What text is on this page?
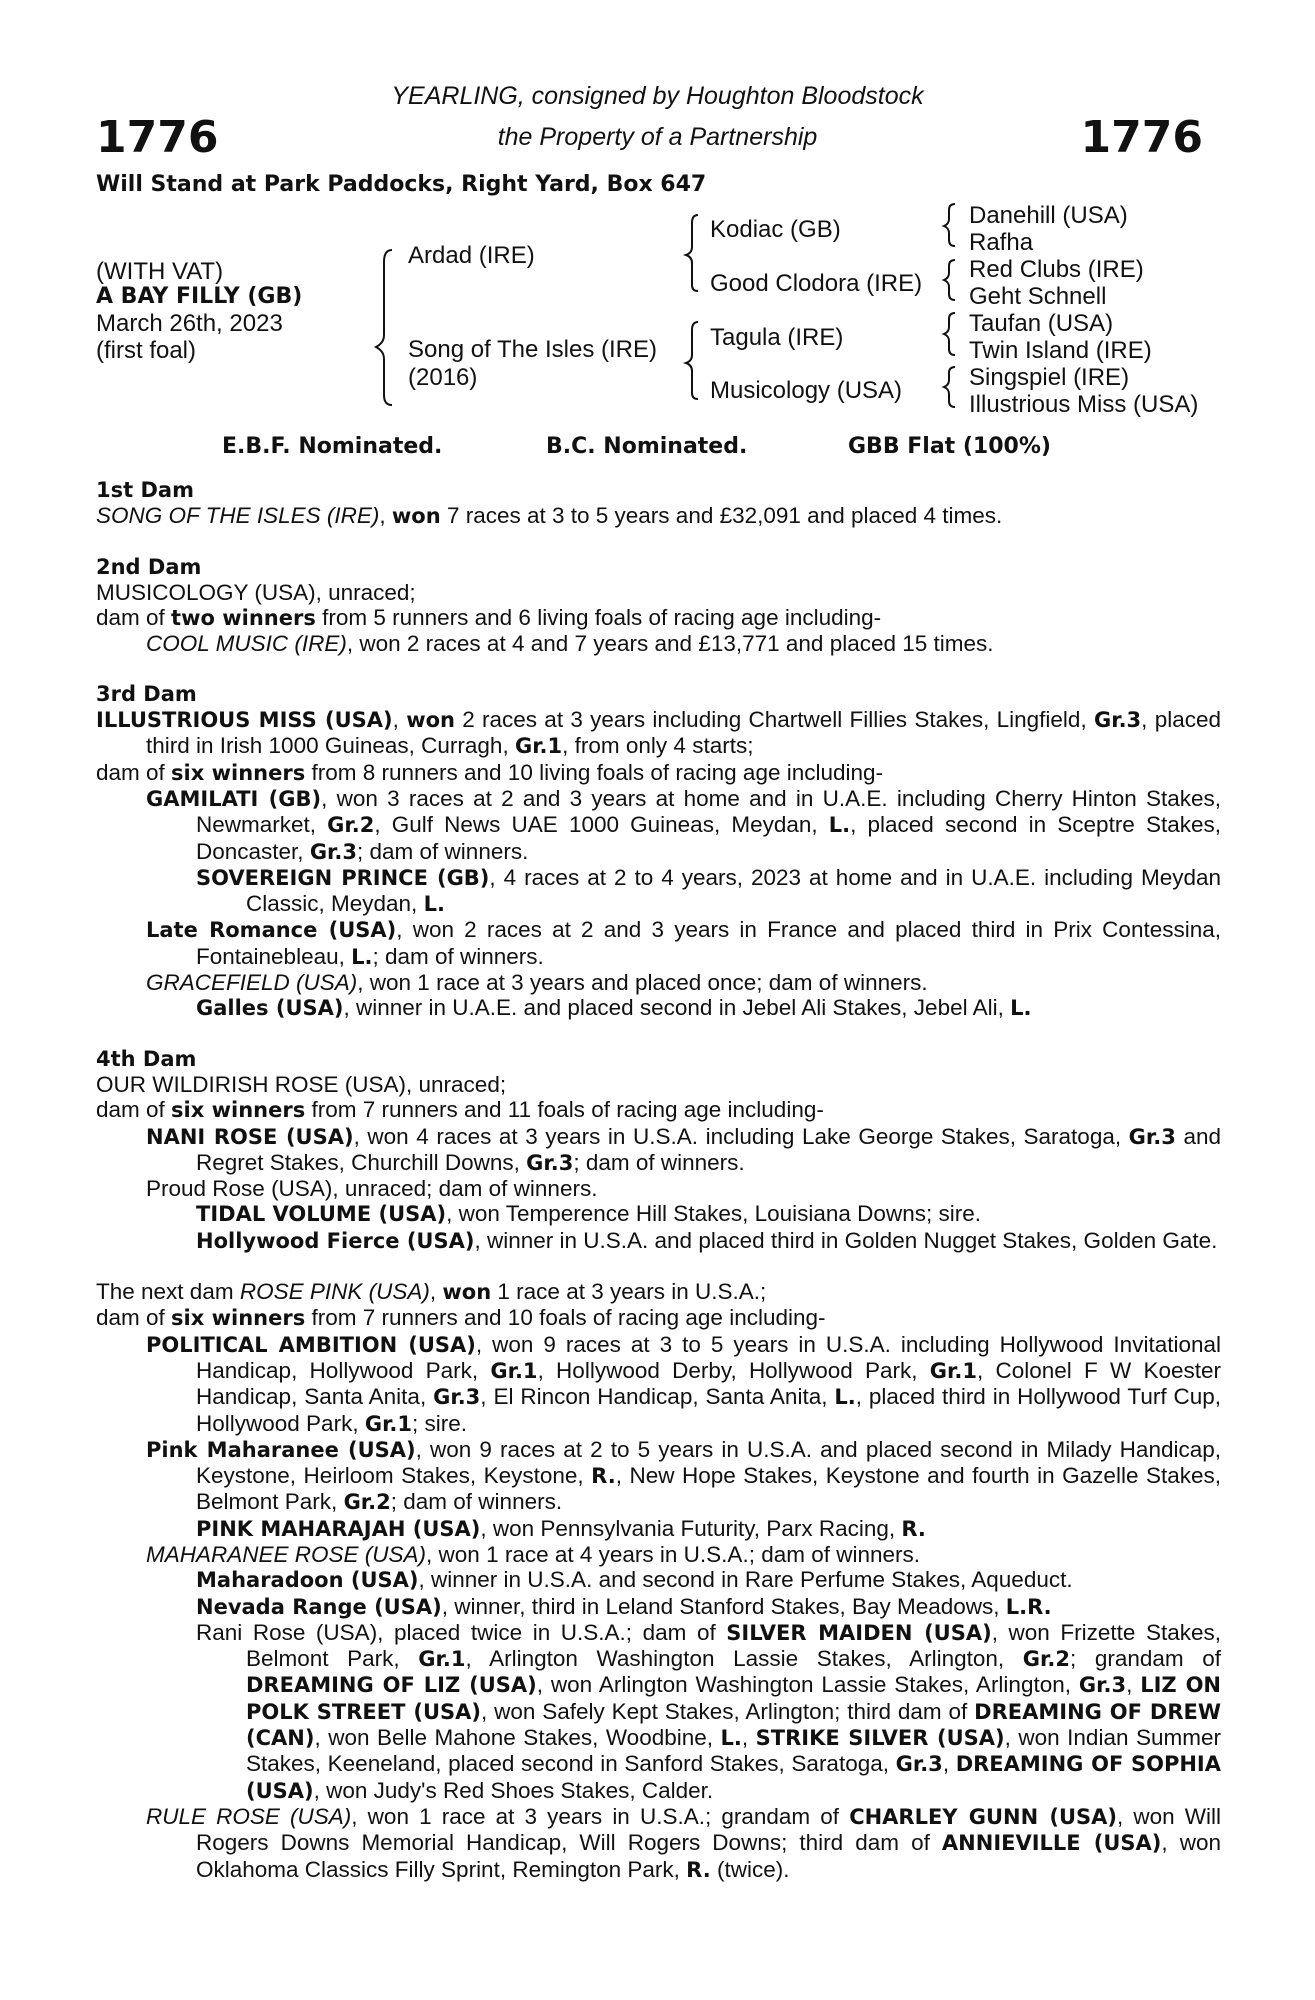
1776	1776
YEARLING, consigned by Houghton Bloodstock
the Property of a Partnership
Will Stand at Park Paddocks, Right Yard, Box 647
(WITH VAT)
A BAY FILLY (GB)
March 26th, 2023
(first foal)
Ardad (IRE)
Song of The Isles (IRE)
(2016)
Kodiac (GB)
Good Clodora (IRE)
Tagula (IRE)
Musicology (USA)
Danehill (USA)
Rafha
Red Clubs (IRE)
Geht Schnell
Taufan (USA)
Twin Island (IRE)
Singspiel (IRE)
Illustrious Miss (USA)
E.B.F. Nominated.	B.C. Nominated.	GBB Flat (100%)

1st Dam

SONG OF THE ISLES (IRE), won 7 races at 3 to 5 years and £32,091 and placed 4 times.

2nd Dam

MUSICOLOGY (USA), unraced;

dam of two winners from 5 runners and 6 living foals of racing age including-

COOL MUSIC (IRE), won 2 races at 4 and 7 years and £13,771 and placed 15 times.

3rd Dam

ILLUSTRIOUS MISS (USA), won 2 races at 3 years including Chartwell Fillies Stakes, Lingfield, Gr.3, placed third in Irish 1000 Guineas, Curragh, Gr.1, from only 4 starts;

dam of six winners from 8 runners and 10 living foals of racing age including-

GAMILATI (GB), won 3 races at 2 and 3 years at home and in U.A.E. including Cherry Hinton Stakes, Newmarket, Gr.2, Gulf News UAE 1000 Guineas, Meydan, L., placed second in Sceptre Stakes, Doncaster, Gr.3; dam of winners.

SOVEREIGN PRINCE (GB), 4 races at 2 to 4 years, 2023 at home and in U.A.E. including Meydan Classic, Meydan, L.

Late Romance (USA), won 2 races at 2 and 3 years in France and placed third in Prix Contessina, Fontainebleau, L.; dam of winners.

GRACEFIELD (USA), won 1 race at 3 years and placed once; dam of winners.

Galles (USA), winner in U.A.E. and placed second in Jebel Ali Stakes, Jebel Ali, L.

4th Dam

OUR WILDIRISH ROSE (USA), unraced;

dam of six winners from 7 runners and 11 foals of racing age including-

NANI ROSE (USA), won 4 races at 3 years in U.S.A. including Lake George Stakes, Saratoga, Gr.3 and Regret Stakes, Churchill Downs, Gr.3; dam of winners.

Proud Rose (USA), unraced; dam of winners.

TIDAL VOLUME (USA), won Temperence Hill Stakes, Louisiana Downs; sire.

Hollywood Fierce (USA), winner in U.S.A. and placed third in Golden Nugget Stakes, Golden Gate.

The next dam ROSE PINK (USA), won 1 race at 3 years in U.S.A.;

dam of six winners from 7 runners and 10 foals of racing age including-

POLITICAL AMBITION (USA), won 9 races at 3 to 5 years in U.S.A. including Hollywood Invitational Handicap, Hollywood Park, Gr.1, Hollywood Derby, Hollywood Park, Gr.1, Colonel F W Koester Handicap, Santa Anita, Gr.3, El Rincon Handicap, Santa Anita, L., placed third in Hollywood Turf Cup, Hollywood Park, Gr.1; sire.

Pink Maharanee (USA), won 9 races at 2 to 5 years in U.S.A. and placed second in Milady Handicap, Keystone, Heirloom Stakes, Keystone, R., New Hope Stakes, Keystone and fourth in Gazelle Stakes, Belmont Park, Gr.2; dam of winners.

PINK MAHARAJAH (USA), won Pennsylvania Futurity, Parx Racing, R.

MAHARANEE ROSE (USA), won 1 race at 4 years in U.S.A.; dam of winners.

Maharadoon (USA), winner in U.S.A. and second in Rare Perfume Stakes, Aqueduct.

Nevada Range (USA), winner, third in Leland Stanford Stakes, Bay Meadows, L.R.

Rani Rose (USA), placed twice in U.S.A.; dam of SILVER MAIDEN (USA), won Frizette Stakes, Belmont Park, Gr.1, Arlington Washington Lassie Stakes, Arlington, Gr.2; grandam of DREAMING OF LIZ (USA), won Arlington Washington Lassie Stakes, Arlington, Gr.3, LIZ ON POLK STREET (USA), won Safely Kept Stakes, Arlington; third dam of DREAMING OF DREW (CAN), won Belle Mahone Stakes, Woodbine, L., STRIKE SILVER (USA), won Indian Summer Stakes, Keeneland, placed second in Sanford Stakes, Saratoga, Gr.3, DREAMING OF SOPHIA (USA), won Judy's Red Shoes Stakes, Calder.

RULE ROSE (USA), won 1 race at 3 years in U.S.A.; grandam of CHARLEY GUNN (USA), won Will Rogers Downs Memorial Handicap, Will Rogers Downs; third dam of ANNIEVILLE (USA), won Oklahoma Classics Filly Sprint, Remington Park, R. (twice).
